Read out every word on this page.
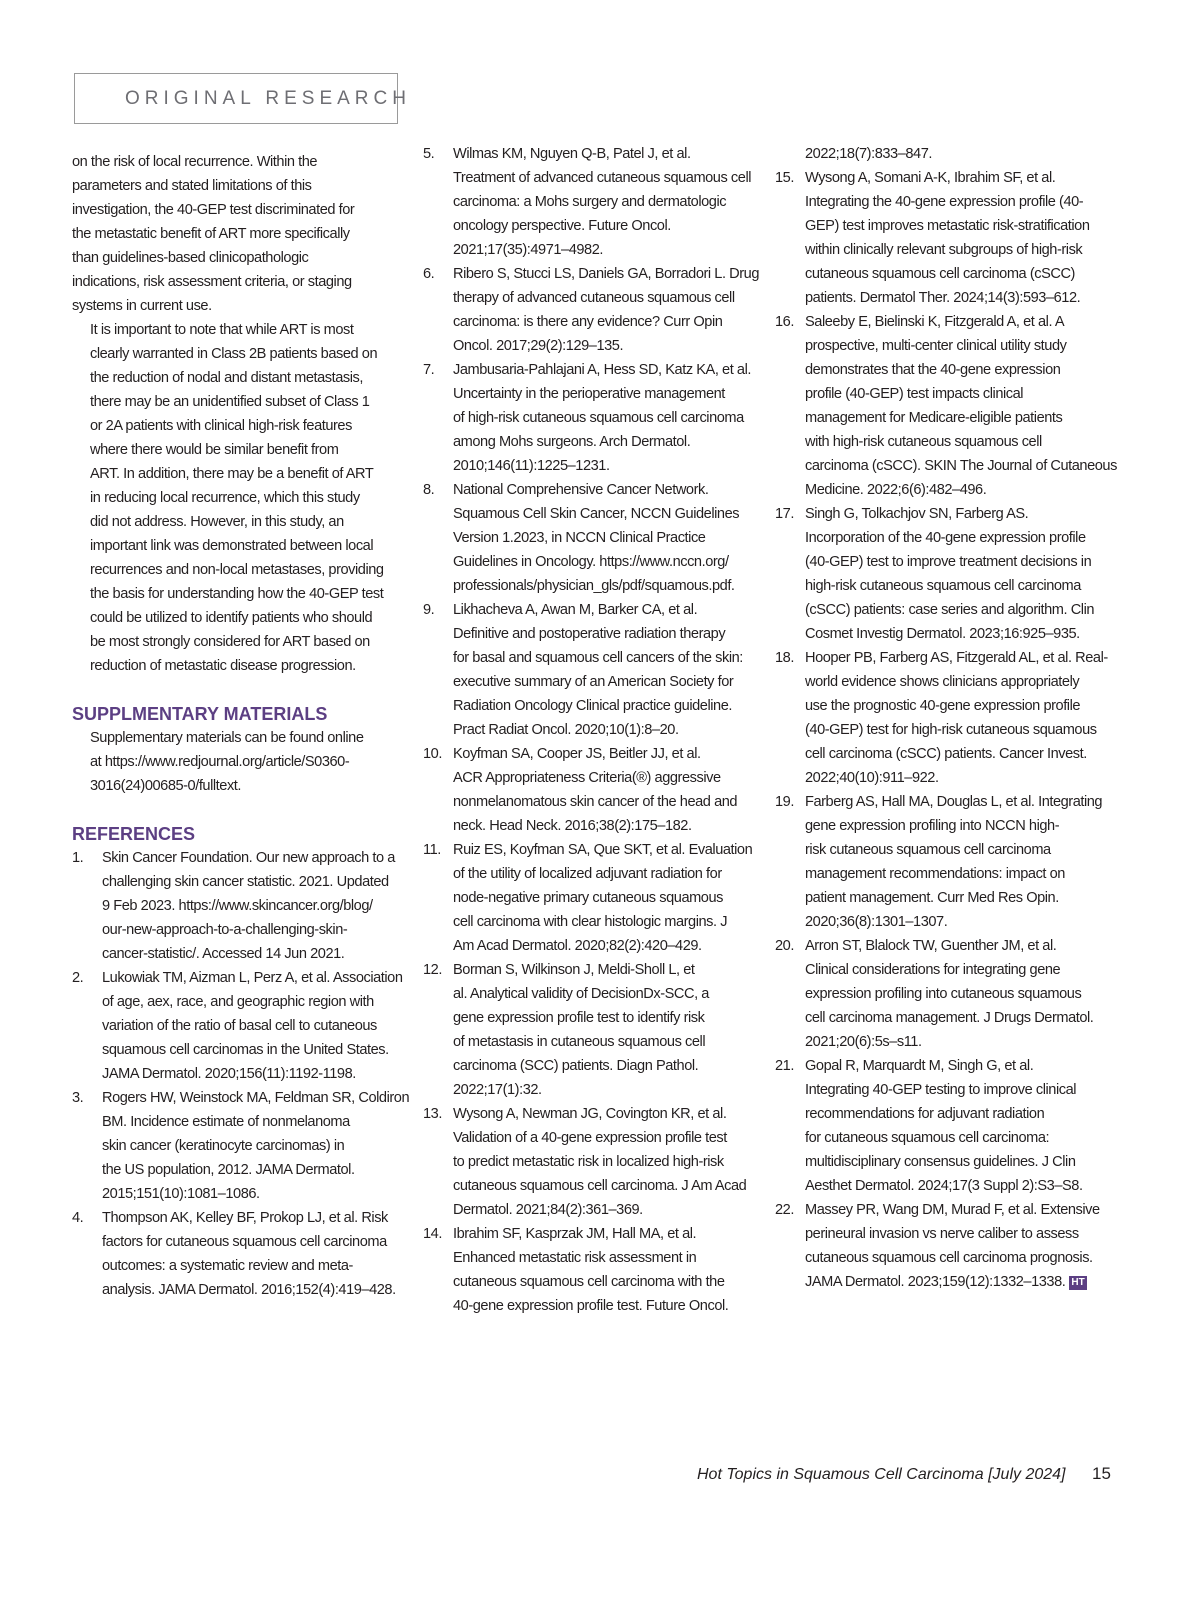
ORIGINAL RESEARCH
on the risk of local recurrence. Within the
parameters and stated limitations of this
investigation, the 40-GEP test discriminated for
the metastatic benefit of ART more specifically
than guidelines-based clinicopathologic
indications, risk assessment criteria, or staging
systems in current use.
It is important to note that while ART is most
clearly warranted in Class 2B patients based on
the reduction of nodal and distant metastasis,
there may be an unidentified subset of Class 1
or 2A patients with clinical high-risk features
where there would be similar benefit from
ART. In addition, there may be a benefit of ART
in reducing local recurrence, which this study
did not address. However, in this study, an
important link was demonstrated between local
recurrences and non-local metastases, providing
the basis for understanding how the 40-GEP test
could be utilized to identify patients who should
be most strongly considered for ART based on
reduction of metastatic disease progression.
SUPPLMENTARY MATERIALS
Supplementary materials can be found online
at https://www.redjournal.org/article/S0360-
3016(24)00685-0/fulltext.
REFERENCES
1. Skin Cancer Foundation. Our new approach to a
challenging skin cancer statistic. 2021. Updated
9 Feb 2023. https://www.skincancer.org/blog/
our-new-approach-to-a-challenging-skin-
cancer-statistic/. Accessed 14 Jun 2021.
2. Lukowiak TM, Aizman L, Perz A, et al. Association
of age, aex, race, and geographic region with
variation of the ratio of basal cell to cutaneous
squamous cell carcinomas in the United States.
JAMA Dermatol. 2020;156(11):1192-1198.
3. Rogers HW, Weinstock MA, Feldman SR, Coldiron
BM. Incidence estimate of nonmelanoma
skin cancer (keratinocyte carcinomas) in
the US population, 2012. JAMA Dermatol.
2015;151(10):1081–1086.
4. Thompson AK, Kelley BF, Prokop LJ, et al. Risk
factors for cutaneous squamous cell carcinoma
outcomes: a systematic review and meta-
analysis. JAMA Dermatol. 2016;152(4):419–428.
5. Wilmas KM, Nguyen Q-B, Patel J, et al.
Treatment of advanced cutaneous squamous cell
carcinoma: a Mohs surgery and dermatologic
oncology perspective. Future Oncol.
2021;17(35):4971–4982.
6. Ribero S, Stucci LS, Daniels GA, Borradori L. Drug
therapy of advanced cutaneous squamous cell
carcinoma: is there any evidence? Curr Opin
Oncol. 2017;29(2):129–135.
7. Jambusaria-Pahlajani A, Hess SD, Katz KA, et al.
Uncertainty in the perioperative management
of high-risk cutaneous squamous cell carcinoma
among Mohs surgeons. Arch Dermatol.
2010;146(11):1225–1231.
8. National Comprehensive Cancer Network.
Squamous Cell Skin Cancer, NCCN Guidelines
Version 1.2023, in NCCN Clinical Practice
Guidelines in Oncology. https://www.nccn.org/
professionals/physician_gls/pdf/squamous.pdf.
9. Likhacheva A, Awan M, Barker CA, et al.
Definitive and postoperative radiation therapy
for basal and squamous cell cancers of the skin:
executive summary of an American Society for
Radiation Oncology Clinical practice guideline.
Pract Radiat Oncol. 2020;10(1):8–20.
10. Koyfman SA, Cooper JS, Beitler JJ, et al.
ACR Appropriateness Criteria(®) aggressive
nonmelanomatous skin cancer of the head and
neck. Head Neck. 2016;38(2):175–182.
11. Ruiz ES, Koyfman SA, Que SKT, et al. Evaluation
of the utility of localized adjuvant radiation for
node-negative primary cutaneous squamous
cell carcinoma with clear histologic margins. J
Am Acad Dermatol. 2020;82(2):420–429.
12. Borman S, Wilkinson J, Meldi-Sholl L, et
al. Analytical validity of DecisionDx-SCC, a
gene expression profile test to identify risk
of metastasis in cutaneous squamous cell
carcinoma (SCC) patients. Diagn Pathol.
2022;17(1):32.
13. Wysong A, Newman JG, Covington KR, et al.
Validation of a 40-gene expression profile test
to predict metastatic risk in localized high-risk
cutaneous squamous cell carcinoma. J Am Acad
Dermatol. 2021;84(2):361–369.
14. Ibrahim SF, Kasprzak JM, Hall MA, et al.
Enhanced metastatic risk assessment in
cutaneous squamous cell carcinoma with the
40-gene expression profile test. Future Oncol.
2022;18(7):833–847.
15. Wysong A, Somani A-K, Ibrahim SF, et al.
Integrating the 40-gene expression profile (40-
GEP) test improves metastatic risk-stratification
within clinically relevant subgroups of high-risk
cutaneous squamous cell carcinoma (cSCC)
patients. Dermatol Ther. 2024;14(3):593–612.
16. Saleeby E, Bielinski K, Fitzgerald A, et al. A
prospective, multi-center clinical utility study
demonstrates that the 40-gene expression
profile (40-GEP) test impacts clinical
management for Medicare-eligible patients
with high-risk cutaneous squamous cell
carcinoma (cSCC). SKIN The Journal of Cutaneous
Medicine. 2022;6(6):482–496.
17. Singh G, Tolkachjov SN, Farberg AS.
Incorporation of the 40-gene expression profile
(40-GEP) test to improve treatment decisions in
high-risk cutaneous squamous cell carcinoma
(cSCC) patients: case series and algorithm. Clin
Cosmet Investig Dermatol. 2023;16:925–935.
18. Hooper PB, Farberg AS, Fitzgerald AL, et al. Real-
world evidence shows clinicians appropriately
use the prognostic 40-gene expression profile
(40-GEP) test for high-risk cutaneous squamous
cell carcinoma (cSCC) patients. Cancer Invest.
2022;40(10):911–922.
19. Farberg AS, Hall MA, Douglas L, et al. Integrating
gene expression profiling into NCCN high-
risk cutaneous squamous cell carcinoma
management recommendations: impact on
patient management. Curr Med Res Opin.
2020;36(8):1301–1307.
20. Arron ST, Blalock TW, Guenther JM, et al.
Clinical considerations for integrating gene
expression profiling into cutaneous squamous
cell carcinoma management. J Drugs Dermatol.
2021;20(6):5s–s11.
21. Gopal R, Marquardt M, Singh G, et al.
Integrating 40-GEP testing to improve clinical
recommendations for adjuvant radiation
for cutaneous squamous cell carcinoma:
multidisciplinary consensus guidelines. J Clin
Aesthet Dermatol. 2024;17(3 Suppl 2):S3–S8.
22. Massey PR, Wang DM, Murad F, et al. Extensive
perineural invasion vs nerve caliber to assess
cutaneous squamous cell carcinoma prognosis.
JAMA Dermatol. 2023;159(12):1332–1338. HT
Hot Topics in Squamous Cell Carcinoma [July 2024] 15
